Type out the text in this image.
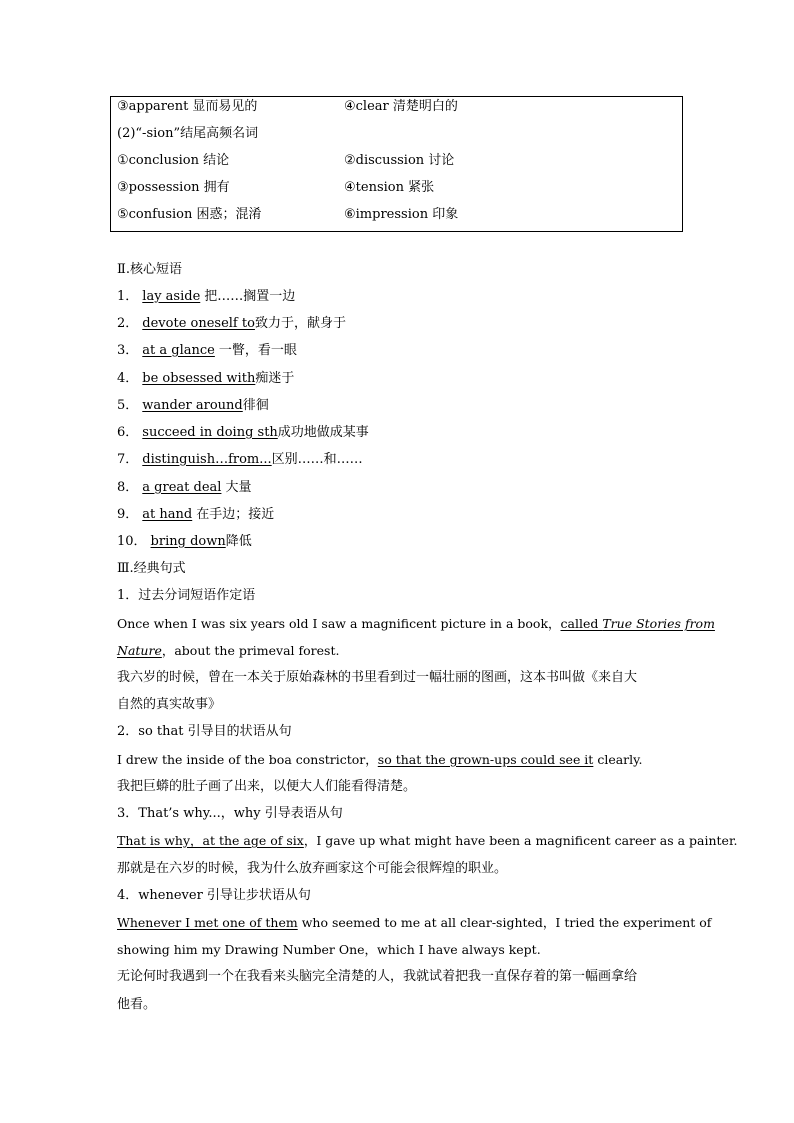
③apparent 显而易见的	④clear 清楚明白的
(2)“-sion”结尾高频名词
①conclusion 结论	②discussion 讨论
③possession 拥有	④tension 紧张
⑤confusion 困惑；混淆	⑥impression 印象
Ⅱ.核心短语
1． lay aside 把……搁置一边
2． devote oneself to致力于，献身于
3． at a glance 一瞥，看一眼
4． be obsessed with痴迷于
5． wander around徘徊
6． succeed in doing sth成功地做成某事
7． distinguish…from...区别……和……
8． a great deal 大量
9． at hand 在手边；接近
10． bring down降低
Ⅲ.经典句式
1．过去分词短语作定语
Once when I was six years old I saw a magnificent picture in a book，called True Stories from
Nature，about the primeval forest.
我六岁的时候，曾在一本关于原始森林的书里看到过一幅壮丽的图画，这本书叫做《来自大
自然的真实故事》
2．so that 引导目的状语从句
I drew the inside of the boa constrictor，so that the grown-ups could see it clearly.
我把巨蟒的肚子画了出来，以便大人们能看得清楚。
3．That’s why...，why 引导表语从句
That is why，at the age of six，I gave up what might have been a magnificent career as a painter.
那就是在六岁的时候，我为什么放弃画家这个可能会很辉煌的职业。
4．whenever 引导让步状语从句
Whenever I met one of them who seemed to me at all clear-sighted，I tried the experiment of
showing him my Drawing Number One，which I have always kept.
无论何时我遇到一个在我看来头脑完全清楚的人，我就试着把我一直保存着的第一幅画拿给
他看。
